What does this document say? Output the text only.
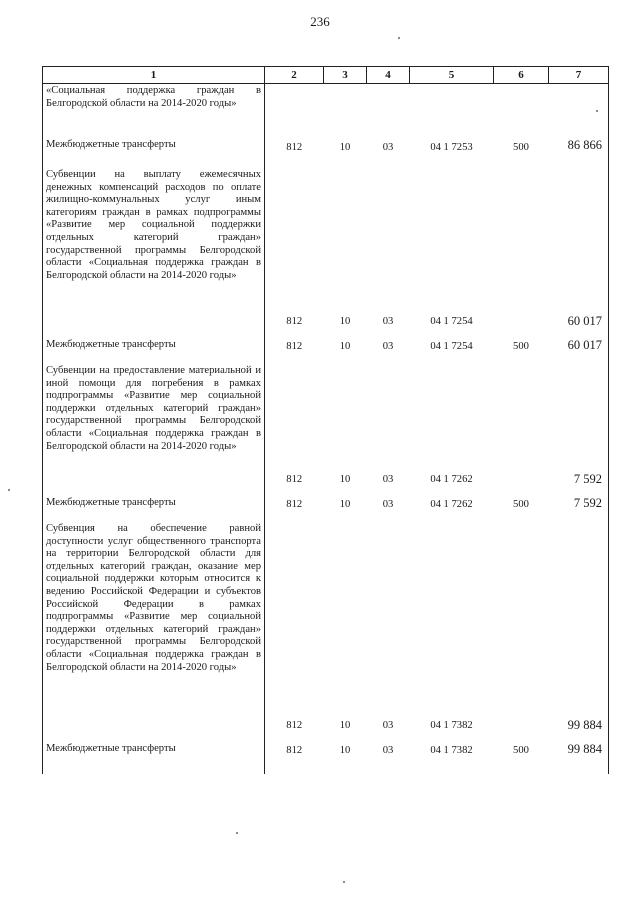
236
1	2	3	4	5	6	7

«Социальная поддержка граждан в Белгородской области на 2014-2020 годы»						

Межбюджетные трансферты	812	10	03	04 1 7253	500	86 866

Субвенции на выплату ежемесячных денежных компенсаций расходов по оплате жилищно-коммунальных услуг иным категориям граждан в рамках подпрограммы «Развитие мер социальной поддержки отдельных категорий граждан» государственной программы Белгородской области «Социальная поддержка граждан в Белгородской области на 2014-2020 годы»	812	10	03	04 1 7254		60 017

Межбюджетные трансферты	812	10	03	04 1 7254	500	60 017

Субвенции на предоставление материальной и иной помощи для погребения в рамках подпрограммы «Развитие мер социальной поддержки отдельных категорий граждан» государственной программы Белгородской области «Социальная поддержка граждан в Белгородской области на 2014-2020 годы»	812	10	03	04 1 7262		7 592

Межбюджетные трансферты	812	10	03	04 1 7262	500	7 592

Субвенция на обеспечение равной доступности услуг общественного транспорта на территории Белгородской области для отдельных категорий граждан, оказание мер социальной поддержки которым относится к ведению Российской Федерации и субъектов Российской Федерации в рамках подпрограммы «Развитие мер социальной поддержки отдельных категорий граждан» государственной программы Белгородской области «Социальная поддержка граждан в Белгородской области на 2014-2020 годы»	812	10	03	04 1 7382		99 884

Межбюджетные трансферты	812	10	03	04 1 7382	500	99 884
